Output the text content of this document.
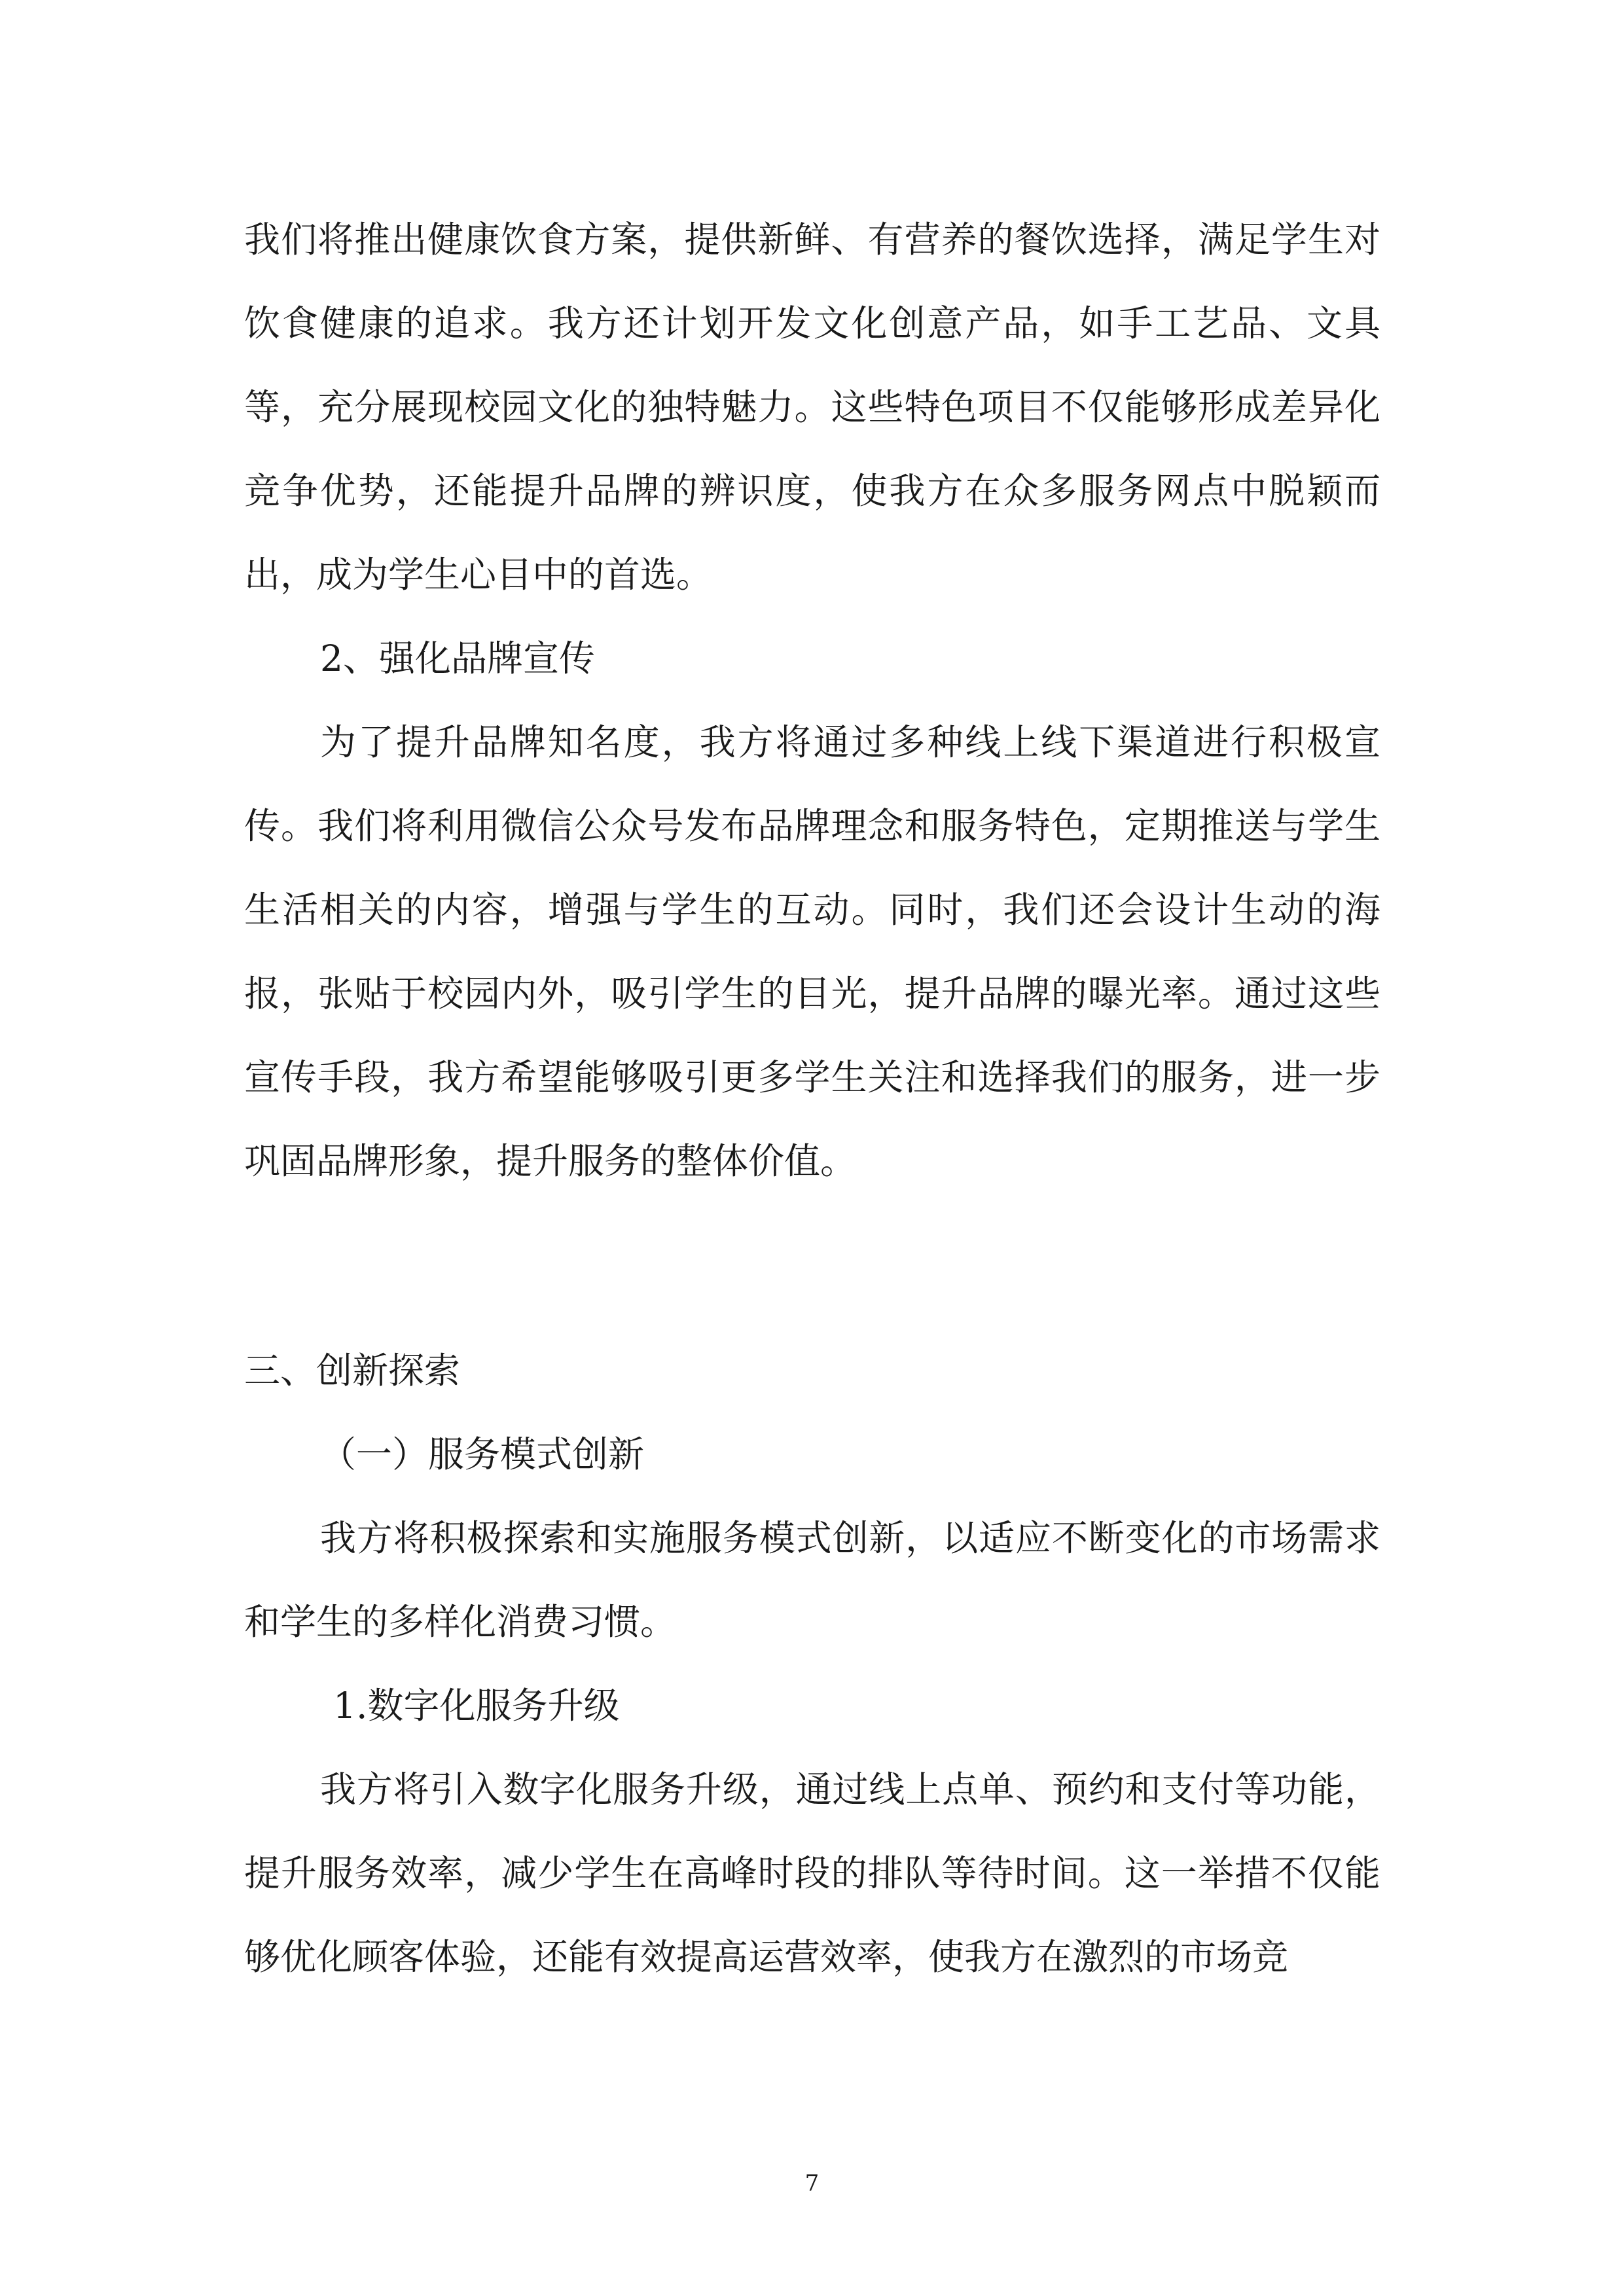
我们将推出健康饮食方案，提供新鲜、有营养的餐饮选择，满足学生对饮食健康的追求。我方还计划开发文化创意产品，如手工艺品、文具等，充分展现校园文化的独特魅力。这些特色项目不仅能够形成差异化竞争优势，还能提升品牌的辨识度，使我方在众多服务网点中脱颖而出，成为学生心目中的首选。

2、强化品牌宣传

为了提升品牌知名度，我方将通过多种线上线下渠道进行积极宣传。我们将利用微信公众号发布品牌理念和服务特色，定期推送与学生生活相关的内容，增强与学生的互动。同时，我们还会设计生动的海报，张贴于校园内外，吸引学生的目光，提升品牌的曝光率。通过这些宣传手段，我方希望能够吸引更多学生关注和选择我们的服务，进一步巩固品牌形象，提升服务的整体价值。

三、创新探索

（一）服务模式创新

我方将积极探索和实施服务模式创新，以适应不断变化的市场需求和学生的多样化消费习惯。

1.数字化服务升级

我方将引入数字化服务升级，通过线上点单、预约和支付等功能，提升服务效率，减少学生在高峰时段的排队等待时间。这一举措不仅能够优化顾客体验，还能有效提高运营效率，使我方在激烈的市场竞

7
